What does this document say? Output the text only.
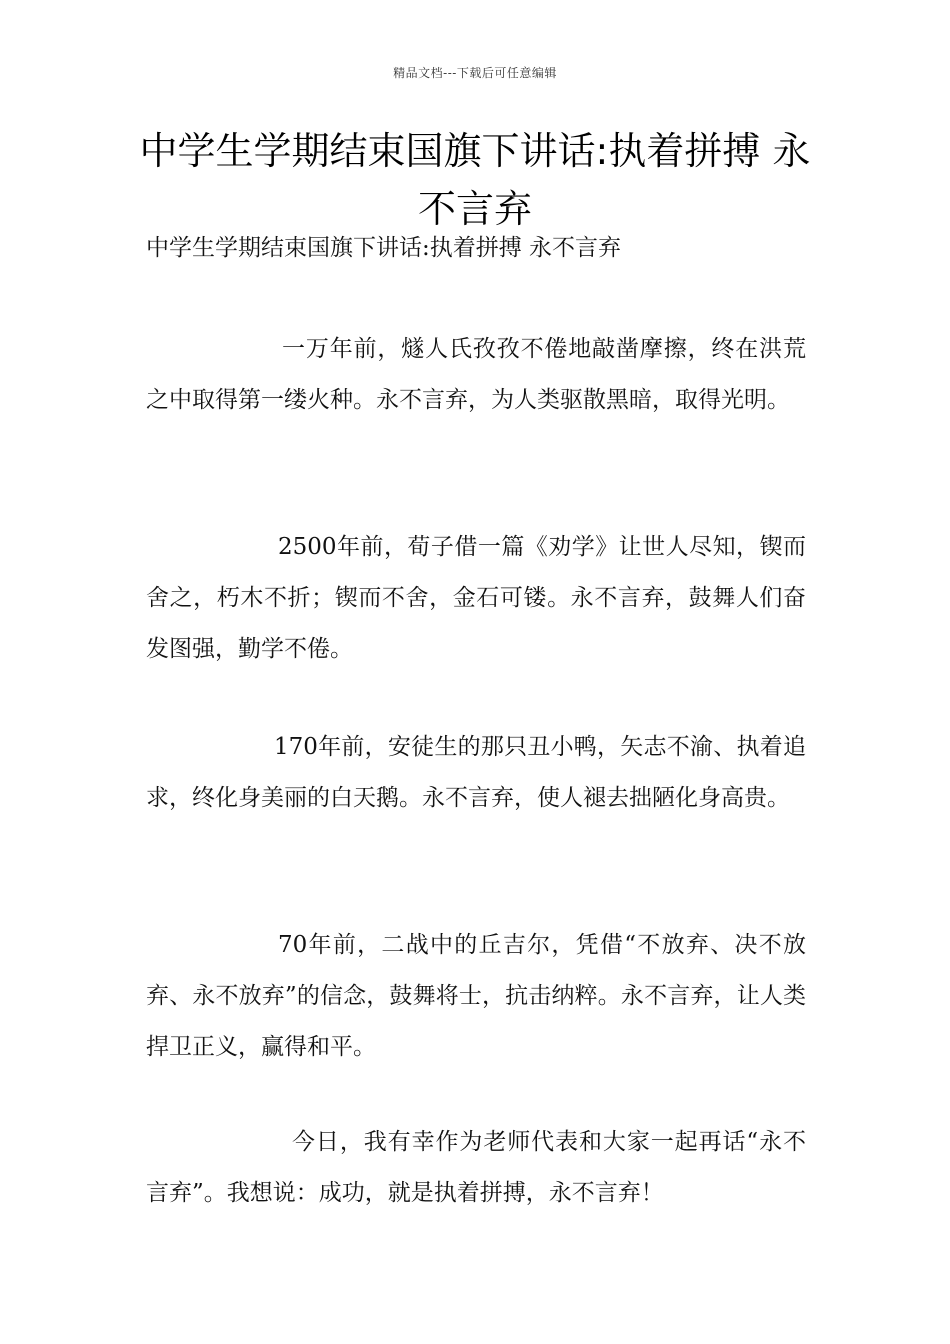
精品文档---下载后可任意编辑
中学生学期结束国旗下讲话:执着拼搏 永不言弃
中学生学期结束国旗下讲话:执着拼搏 永不言弃

一万年前，燧人氏孜孜不倦地敲凿摩擦，终在洪荒之中取得第一缕火种。永不言弃，为人类驱散黑暗，取得光明。

2500年前，荀子借一篇《劝学》让世人尽知，锲而舍之，朽木不折；锲而不舍，金石可镂。永不言弃，鼓舞人们奋发图强，勤学不倦。

170年前，安徒生的那只丑小鸭，矢志不渝、执着追求，终化身美丽的白天鹅。永不言弃，使人褪去拙陋化身高贵。

70年前，二战中的丘吉尔，凭借“不放弃、决不放弃、永不放弃”的信念，鼓舞将士，抗击纳粹。永不言弃，让人类捍卫正义，赢得和平。

今日，我有幸作为老师代表和大家一起再话“永不言弃”。我想说：成功，就是执着拼搏，永不言弃！
